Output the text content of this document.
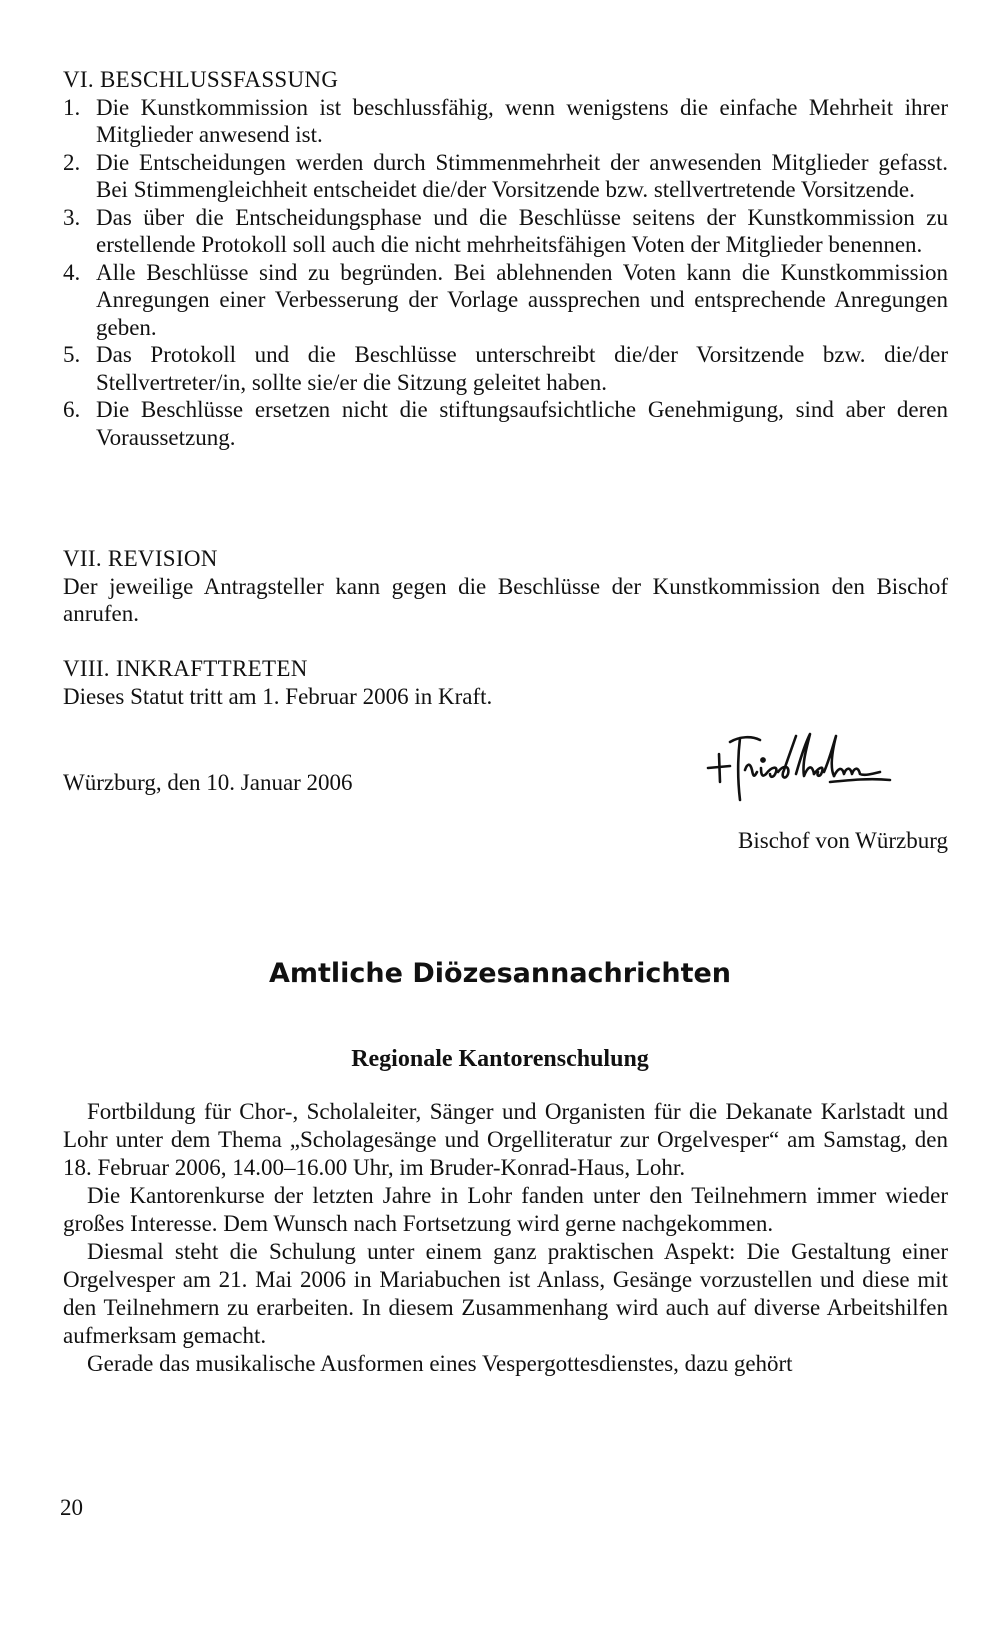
VI. BESCHLUSSFASSUNG
1. Die Kunstkommission ist beschlussfähig, wenn wenigstens die einfache Mehrheit ihrer Mitglieder anwesend ist.
2. Die Entscheidungen werden durch Stimmenmehrheit der anwesenden Mitglieder gefasst. Bei Stimmengleichheit entscheidet die/der Vorsitzende bzw. stellvertretende Vorsitzende.
3. Das über die Entscheidungsphase und die Beschlüsse seitens der Kunstkommission zu erstellende Protokoll soll auch die nicht mehrheitsfähigen Voten der Mitglieder benennen.
4. Alle Beschlüsse sind zu begründen. Bei ablehnenden Voten kann die Kunstkommission Anregungen einer Verbesserung der Vorlage aussprechen und entsprechende Anregungen geben.
5. Das Protokoll und die Beschlüsse unterschreibt die/der Vorsitzende bzw. die/der Stellvertreter/in, sollte sie/er die Sitzung geleitet haben.
6. Die Beschlüsse ersetzen nicht die stiftungsaufsichtliche Genehmigung, sind aber deren Voraussetzung.
VII. REVISION

Der jeweilige Antragsteller kann gegen die Beschlüsse der Kunstkommission den Bischof anrufen.

VIII. INKRAFTTRETEN

Dieses Statut tritt am 1. Februar 2006 in Kraft.

Würzburg, den 10. Januar 2006
Bischof von Würzburg
Amtliche Diözesannachrichten
Regionale Kantorenschulung

Fortbildung für Chor-, Scholaleiter, Sänger und Organisten für die Dekanate Karlstadt und Lohr unter dem Thema „Scholagesänge und Orgelliteratur zur Orgelvesper“ am Samstag, den 18. Februar 2006, 14.00–16.00 Uhr, im Bruder-Konrad-Haus, Lohr.

Die Kantorenkurse der letzten Jahre in Lohr fanden unter den Teilnehmern immer wieder großes Interesse. Dem Wunsch nach Fortsetzung wird gerne nachgekommen.

Diesmal steht die Schulung unter einem ganz praktischen Aspekt: Die Gestaltung einer Orgelvesper am 21. Mai 2006 in Mariabuchen ist Anlass, Gesänge vorzustellen und diese mit den Teilnehmern zu erarbeiten. In diesem Zusammenhang wird auch auf diverse Arbeitshilfen aufmerksam gemacht.

Gerade das musikalische Ausformen eines Vespergottesdienstes, dazu gehört

20
